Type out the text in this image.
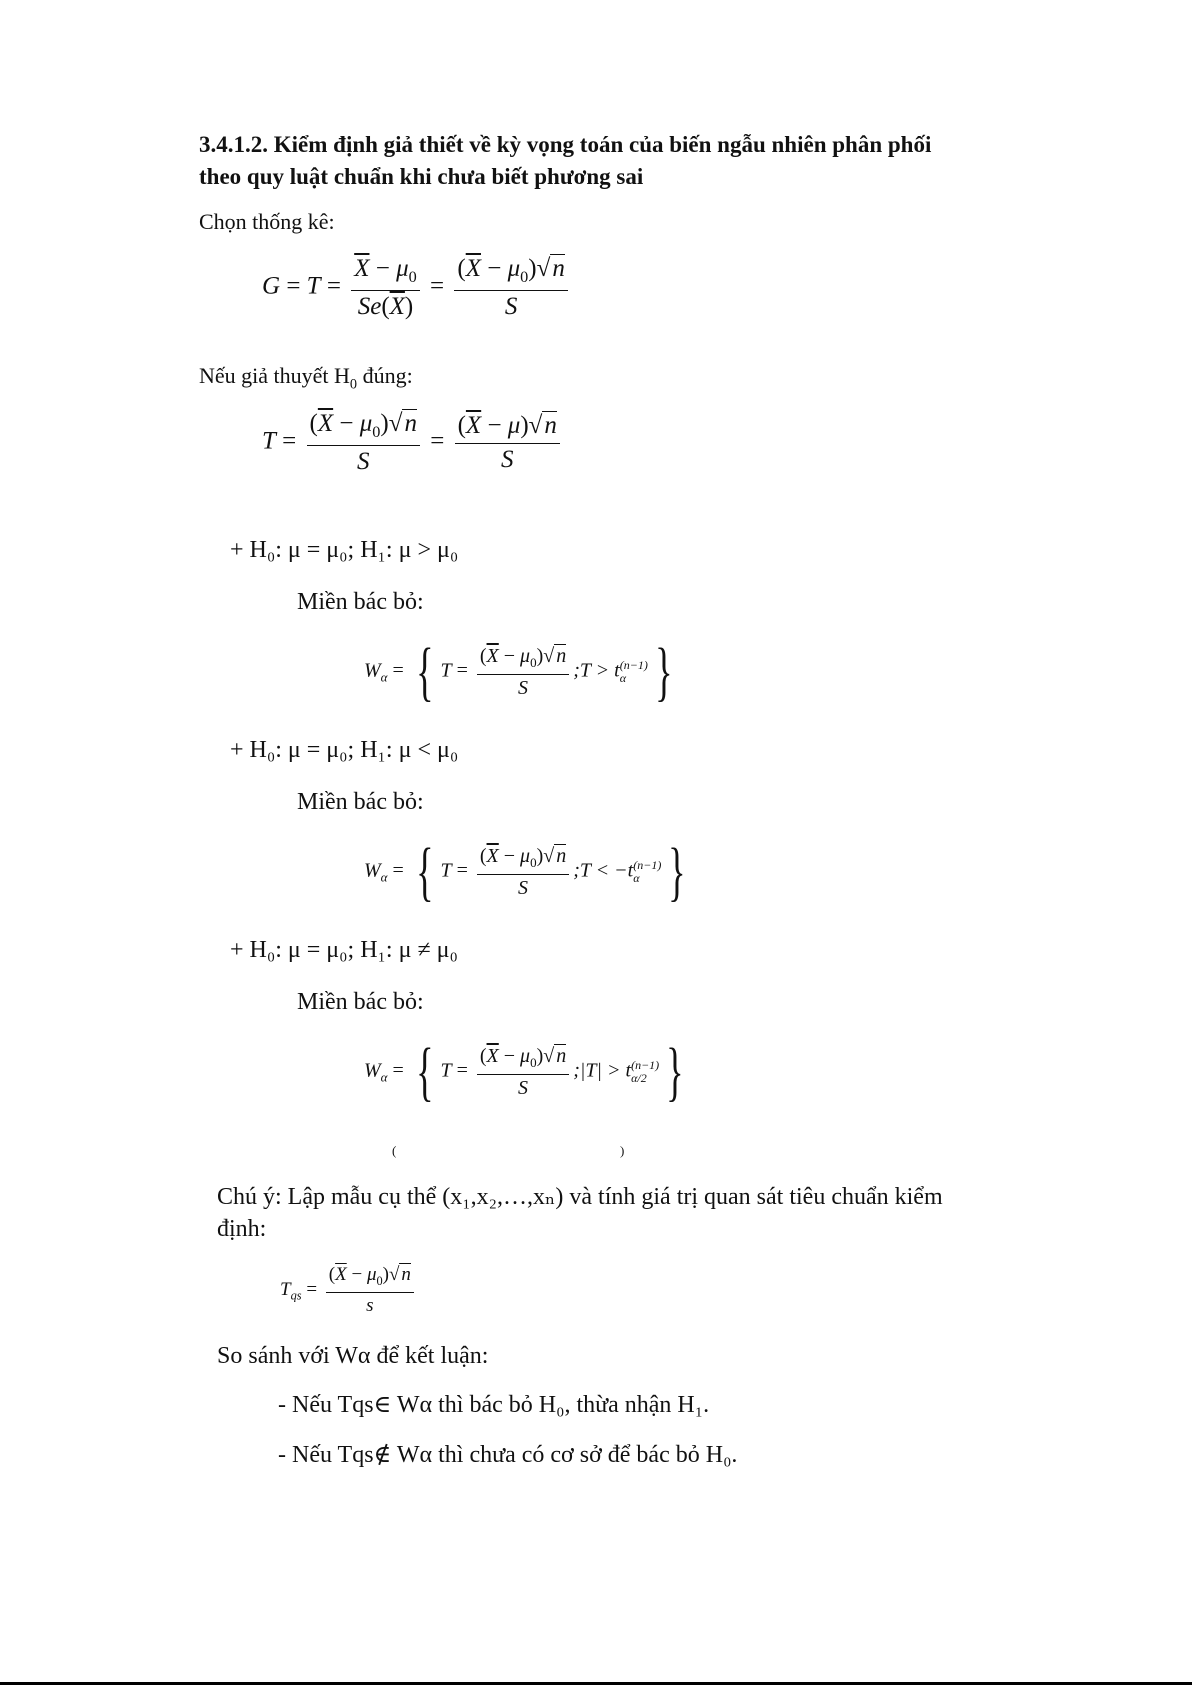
3.4.1.2. Kiểm định giả thiết về kỳ vọng toán của biến ngẫu nhiên phân phối
theo quy luật chuẩn khi chưa biết phương sai
Chọn thống kê:
$G = T = \frac{\overline{X} - \mu_0}{Se(\overline{X})} = \frac{(\overline{X} - \mu_0)√n}{S}$
Nếu giả thuyết $H_0$ đúng:
$T = \frac{(\overline{X} - \mu_0)√n}{S} = \frac{(\overline{X} - \mu)√n}{S}$
+ H₀: μ = μ₀; H₁: μ > μ₀
Miền bác bỏ:
$W_\alpha$ = { $T = \frac{(\overline{X} - \mu_0)√ n}{S}$ ;T > t (n−1)
α }
+ H₀: μ = μ₀; H₁: μ < μ₀
Miền bác bỏ:
$W_\alpha$ = { $T = \frac{(\overline{X} - \mu_0)√ n}{S}$ ;T < −t (n−1)
α }
+ H₀: μ = μ₀; H₁: μ ≠ μ₀
Miền bác bỏ:
$W_\alpha$ = { $T = \frac{(\overline{X} - \mu_0)√ n}{S}$ ;|T| > t (n−1)
α/2 }
(	)
Chú ý: Lập mẫu cụ thể (x₁,x₂,…,xₙ) và tính giá trị quan sát tiêu chuẩn kiểm
định:
$T_{qs} = \frac{(\overline{X} - \mu_0)√ n}{s}$
So sánh với Wα để kết luận:
- Nếu Tqs∈ Wα thì bác bỏ H₀, thừa nhận H₁.
- Nếu Tqs∉ Wα thì chưa có cơ sở để bác bỏ H₀.
